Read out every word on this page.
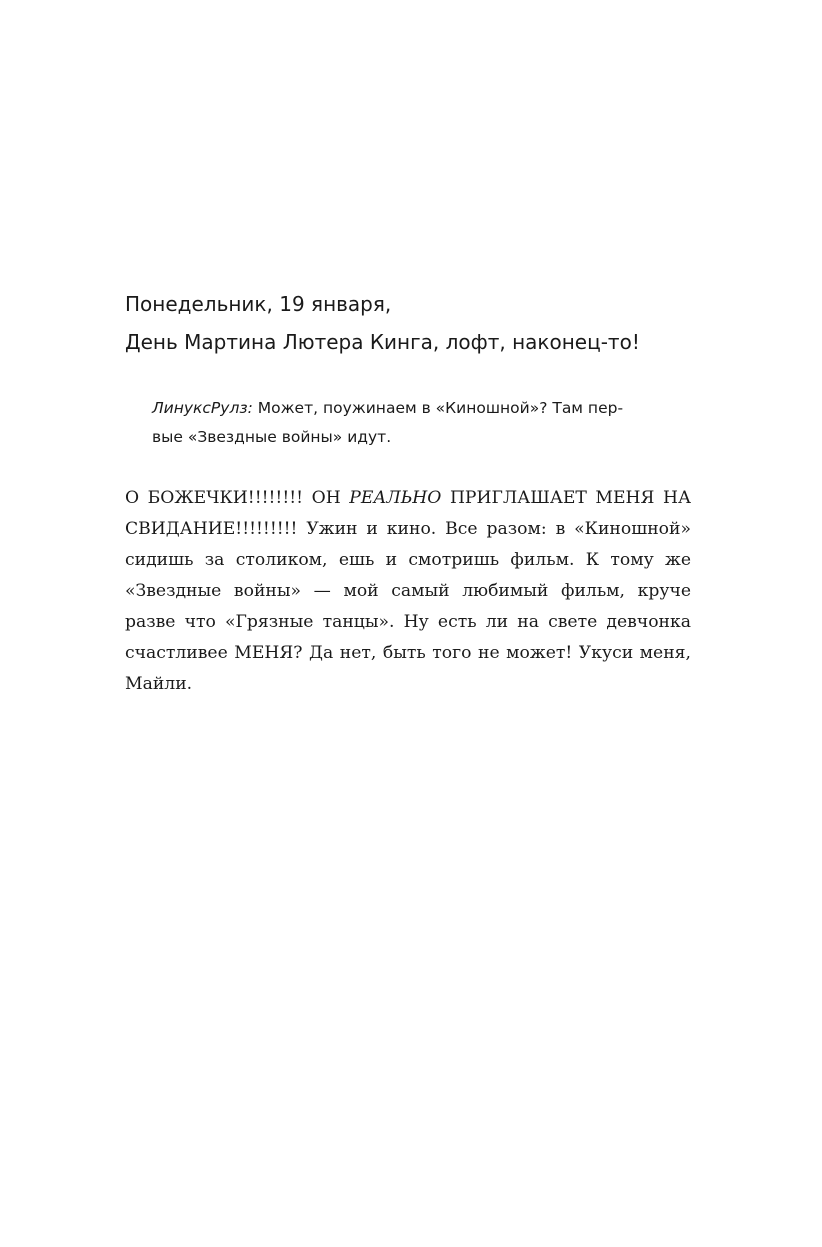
Понедельник, 19 января,
День Мартина Лютера Кинга, лофт, наконец-то!
ЛинуксРулз: Может, поужинаем в «Киношной»? Там пер-
вые «Звездные войны» идут.
О БОЖЕЧКИ!!!!!!!! ОН РЕАЛЬНО ПРИГЛАШАЕТ МЕНЯ НА
СВИДАНИЕ!!!!!!!!! Ужин и кино. Все разом: в «Киношной»
сидишь за столиком, ешь и смотришь фильм. К тому же
«Звездные войны» — мой самый любимый фильм, круче
разве что «Грязные танцы». Ну есть ли на свете девчонка
счастливее МЕНЯ? Да нет, быть того не может! Укуси меня,
Майли.
